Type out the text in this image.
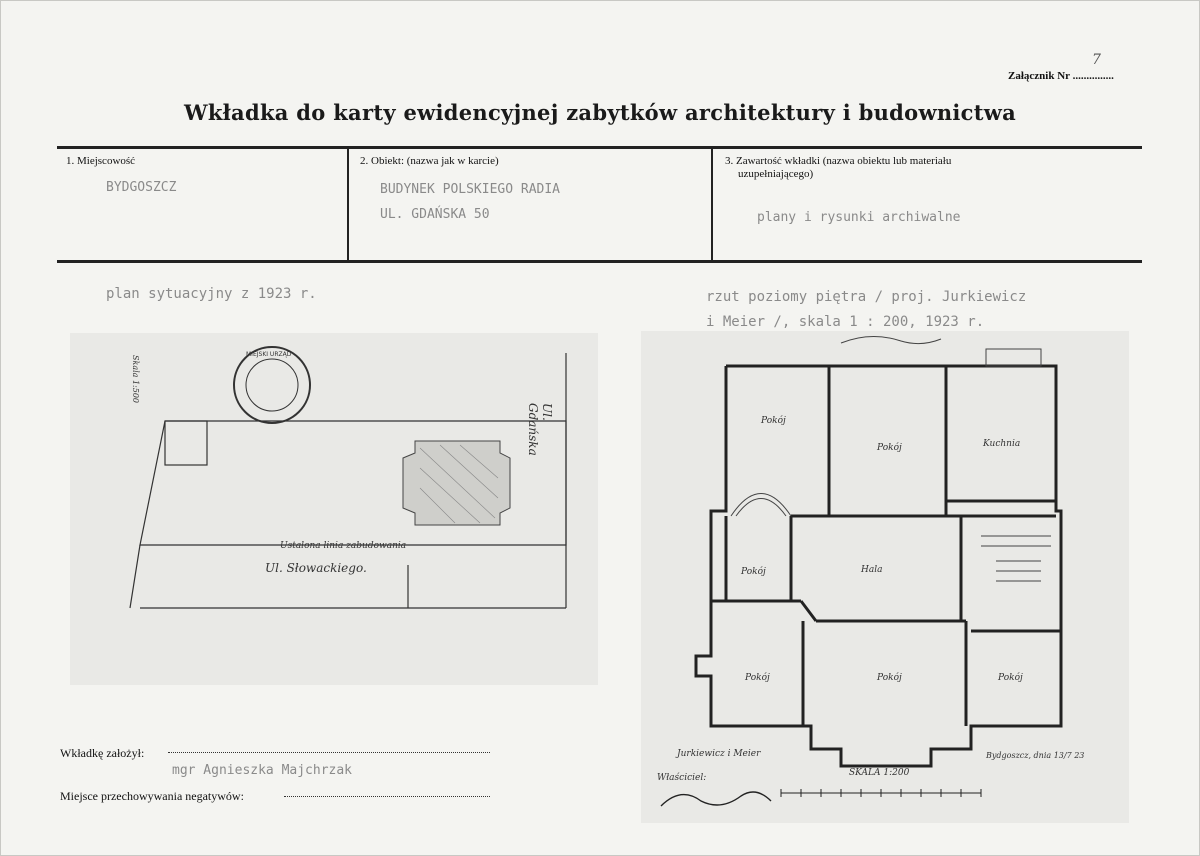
7
Załącznik Nr ...............
Wkładka do karty ewidencyjnej zabytków architektury i budownictwa
1. Miejscowość
BYDGOSZCZ
2. Obiekt: (nazwa jak w karcie)
BUDYNEK POLSKIEGO RADIA
UL. GDAŃSKA 50
3. Zawartość wkładki (nazwa obiektu lub materiału
uzupełniającego)
plany i rysunki archiwalne
plan sytuacyjny z 1923 r.	rzut poziomy piętra / proj. Jurkiewicz
i Meier /, skala 1 : 200, 1923 r.
Ul. Słowackiego.
Ustalona linia zabudowania
Ul. Gdańska
Skala 1:500
MIEJSKI URZĄD
Pokój
Pokój	Kuchnia
Pokój	Hala
Pokój	Pokój	Pokój
Jurkiewicz i Meier
Właściciel:	SKALA 1:200
Bydgoszcz, dnia 13/7 23
Wkładkę założył:
mgr Agnieszka Majchrzak
Miejsce przechowywania negatywów:
